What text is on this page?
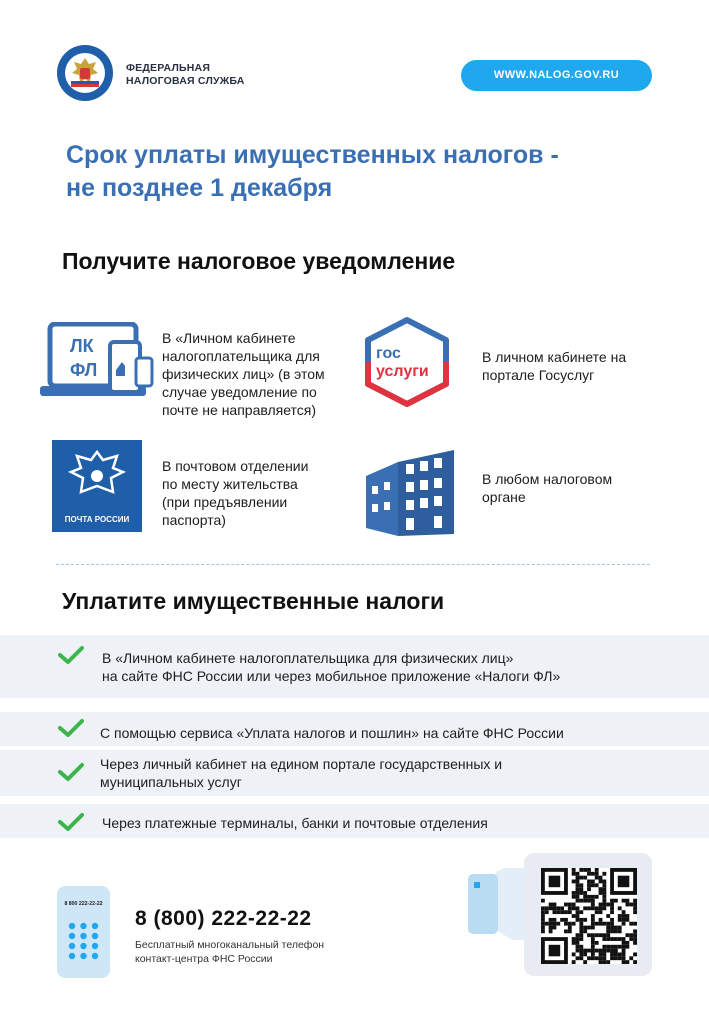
ФЕДЕРАЛЬНАЯ
НАЛОГОВАЯ СЛУЖБА	WWW.NALOG.GOV.RU
Срок уплаты имущественных налогов -
не позднее 1 декабря
Получите налоговое уведомление
ЛК
ФЛ
В «Личном кабинете
налогоплательщика для
физических лиц» (в этом
случае уведомление по
почте не направляется)
гос
услуги
В личном кабинете на
портале Госуслуг
ПОЧТА РОССИИ
В почтовом отделении
по месту жительства
(при предъявлении
паспорта)
В любом налоговом
органе
Уплатите имущественные налоги
В «Личном кабинете налогоплательщика для физических лиц»
на сайте ФНС России или через мобильное приложение «Налоги ФЛ»
С помощью сервиса «Уплата налогов и пошлин» на сайте ФНС России
Через личный кабинет на едином портале государственных и
муниципальных услуг
Через платежные терминалы, банки и почтовые отделения
8 800 222-22-22
8 (800) 222-22-22
Бесплатный многоканальный телефон
контакт-центра ФНС России
